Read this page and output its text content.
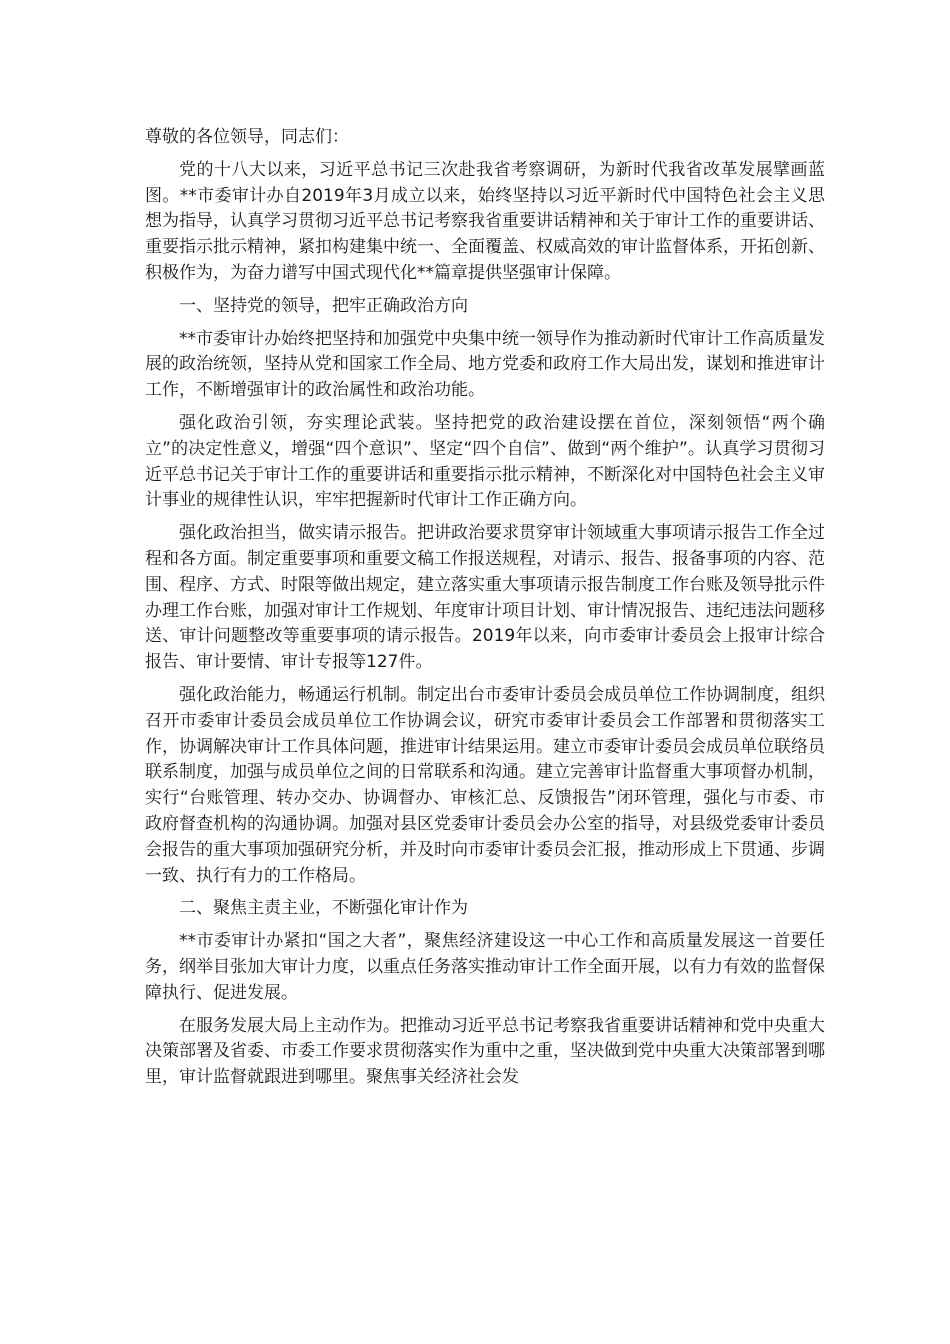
尊敬的各位领导，同志们：

党的十八大以来，习近平总书记三次赴我省考察调研，为新时代我省改革发展擘画蓝图。**市委审计办自2019年3月成立以来，始终坚持以习近平新时代中国特色社会主义思想为指导，认真学习贯彻习近平总书记考察我省重要讲话精神和关于审计工作的重要讲话、重要指示批示精神，紧扣构建集中统一、全面覆盖、权威高效的审计监督体系，开拓创新、积极作为，为奋力谱写中国式现代化**篇章提供坚强审计保障。

一、坚持党的领导，把牢正确政治方向

**市委审计办始终把坚持和加强党中央集中统一领导作为推动新时代审计工作高质量发展的政治统领，坚持从党和国家工作全局、地方党委和政府工作大局出发，谋划和推进审计工作，不断增强审计的政治属性和政治功能。

强化政治引领，夯实理论武装。坚持把党的政治建设摆在首位，深刻领悟“两个确立”的决定性意义，增强“四个意识”、坚定“四个自信”、做到“两个维护”。认真学习贯彻习近平总书记关于审计工作的重要讲话和重要指示批示精神，不断深化对中国特色社会主义审计事业的规律性认识，牢牢把握新时代审计工作正确方向。

强化政治担当，做实请示报告。把讲政治要求贯穿审计领域重大事项请示报告工作全过程和各方面。制定重要事项和重要文稿工作报送规程，对请示、报告、报备事项的内容、范围、程序、方式、时限等做出规定，建立落实重大事项请示报告制度工作台账及领导批示件办理工作台账，加强对审计工作规划、年度审计项目计划、审计情况报告、违纪违法问题移送、审计问题整改等重要事项的请示报告。2019年以来，向市委审计委员会上报审计综合报告、审计要情、审计专报等127件。

强化政治能力，畅通运行机制。制定出台市委审计委员会成员单位工作协调制度，组织召开市委审计委员会成员单位工作协调会议，研究市委审计委员会工作部署和贯彻落实工作，协调解决审计工作具体问题，推进审计结果运用。建立市委审计委员会成员单位联络员联系制度，加强与成员单位之间的日常联系和沟通。建立完善审计监督重大事项督办机制，实行“台账管理、转办交办、协调督办、审核汇总、反馈报告”闭环管理，强化与市委、市政府督查机构的沟通协调。加强对县区党委审计委员会办公室的指导，对县级党委审计委员会报告的重大事项加强研究分析，并及时向市委审计委员会汇报，推动形成上下贯通、步调一致、执行有力的工作格局。

二、聚焦主责主业，不断强化审计作为

**市委审计办紧扣“国之大者”，聚焦经济建设这一中心工作和高质量发展这一首要任务，纲举目张加大审计力度，以重点任务落实推动审计工作全面开展，以有力有效的监督保障执行、促进发展。

在服务发展大局上主动作为。把推动习近平总书记考察我省重要讲话精神和党中央重大决策部署及省委、市委工作要求贯彻落实作为重中之重，坚决做到党中央重大决策部署到哪里，审计监督就跟进到哪里。聚焦事关经济社会发
